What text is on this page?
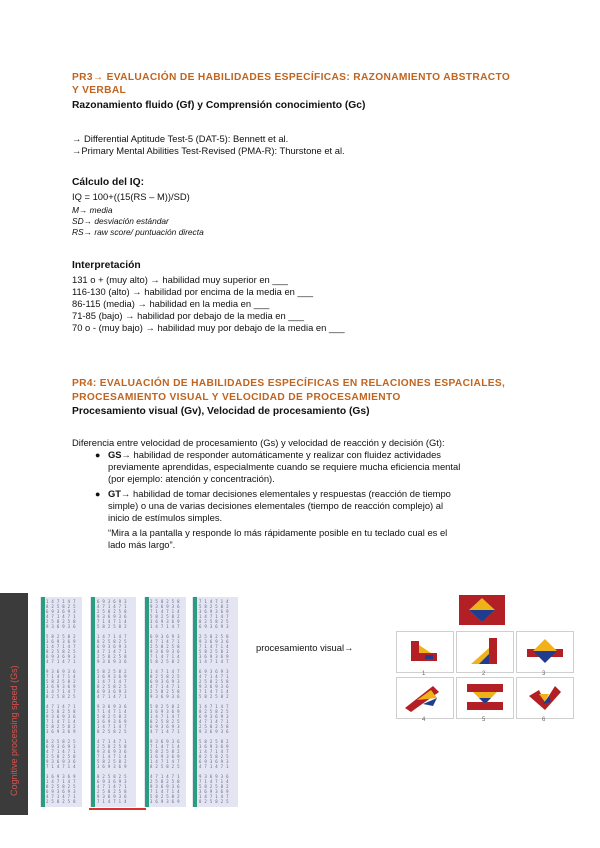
PR3→ EVALUACIÓN DE HABILIDADES ESPECÍFICAS: RAZONAMIENTO ABSTRACTO
Y VERBAL
Razonamiento fluido (Gf) y Comprensión conocimiento (Gc)
→ Differential Aptitude Test-5 (DAT-5): Bennett et al.
→Primary Mental Abilities Test-Revised (PMA-R): Thurstone et al.
Cálculo del IQ:
IQ = 100+((15(RS – M))/SD)
M→ media
SD→ desviación estándar
RS→ raw score/ puntuación directa
Interpretación
131 o + (muy alto) → habilidad muy superior en ___
116-130 (alto) → habilidad por encima de la media en ___
86-115 (media) → habilidad en la media en ___
71-85 (bajo) → habilidad por debajo de la media en ___
70 o - (muy bajo) → habilidad muy por debajo de la media en ___
PR4: EVALUACIÓN DE HABILIDADES ESPECÍFICAS EN RELACIONES ESPACIALES,
PROCESAMIENTO VISUAL Y VELOCIDAD DE PROCESAMIENTO
Procesamiento visual (Gv), Velocidad de procesamiento (Gs)
Diferencia entre velocidad de procesamiento (Gs) y velocidad de reacción y decisión (Gt):
● GS→ habilidad de responder automáticamente y realizar con fluidez actividades
previamente aprendidas, especialmente cuando se requiere mucha eficiencia mental
(por ejemplo: atención y concentración).
● GT→ habilidad de tomar decisiones elementales y respuestas (reacción de tiempo
simple) o una de varias decisiones elementales (tiempo de reacción complejo) al
inicio de estímulos simples.
“Mira a la pantalla y responde lo más rápidamente posible en tu teclado cual es el
lado más largo”.
Cognitive processing speed (Gs)
1 4 7 1 4 7
8 2 5 8 2 5
6 9 3 6 9 3
4 7 1 4 7 1
2 5 8 2 5 8
9 3 6 9 3 6

5 8 2 5 8 2
3 6 9 3 6 9
1 4 7 1 4 7
8 2 5 8 2 5
6 9 3 6 9 3
4 7 1 4 7 1

9 3 6 9 3 6
7 1 4 7 1 4
5 8 2 5 8 2
3 6 9 3 6 9
1 4 7 1 4 7
8 2 5 8 2 5

4 7 1 4 7 1
2 5 8 2 5 8
9 3 6 9 3 6
7 1 4 7 1 4
5 8 2 5 8 2
3 6 9 3 6 9

8 2 5 8 2 5
6 9 3 6 9 3
4 7 1 4 7 1
2 5 8 2 5 8
9 3 6 9 3 6
7 1 4 7 1 4

3 6 9 3 6 9
1 4 7 1 4 7
8 2 5 8 2 5
6 9 3 6 9 3
4 7 1 4 7 1
2 5 8 2 5 8

6 9 3 6 9 3
4 7 1 4 7 1
2 5 8 2 5 8
9 3 6 9 3 6
7 1 4 7 1 4
5 8 2 5 8 2

1 4 7 1 4 7
8 2 5 8 2 5
6 9 3 6 9 3
4 7 1 4 7 1
2 5 8 2 5 8
9 3 6 9 3 6

5 8 2 5 8 2
3 6 9 3 6 9
1 4 7 1 4 7
8 2 5 8 2 5
6 9 3 6 9 3
4 7 1 4 7 1

9 3 6 9 3 6
7 1 4 7 1 4
5 8 2 5 8 2
3 6 9 3 6 9
1 4 7 1 4 7
8 2 5 8 2 5

4 7 1 4 7 1
2 5 8 2 5 8
9 3 6 9 3 6
7 1 4 7 1 4
5 8 2 5 8 2
3 6 9 3 6 9

8 2 5 8 2 5
6 9 3 6 9 3
4 7 1 4 7 1
2 5 8 2 5 8
9 3 6 9 3 6
7 1 4 7 1 4

2 5 8 2 5 8
9 3 6 9 3 6
7 1 4 7 1 4
5 8 2 5 8 2
3 6 9 3 6 9
1 4 7 1 4 7

6 9 3 6 9 3
4 7 1 4 7 1
2 5 8 2 5 8
9 3 6 9 3 6
7 1 4 7 1 4
5 8 2 5 8 2

1 4 7 1 4 7
8 2 5 8 2 5
6 9 3 6 9 3
4 7 1 4 7 1
2 5 8 2 5 8
9 3 6 9 3 6

5 8 2 5 8 2
3 6 9 3 6 9
1 4 7 1 4 7
8 2 5 8 2 5
6 9 3 6 9 3
4 7 1 4 7 1

9 3 6 9 3 6
7 1 4 7 1 4
5 8 2 5 8 2
3 6 9 3 6 9
1 4 7 1 4 7
8 2 5 8 2 5

4 7 1 4 7 1
2 5 8 2 5 8
9 3 6 9 3 6
7 1 4 7 1 4
5 8 2 5 8 2
3 6 9 3 6 9

7 1 4 7 1 4
5 8 2 5 8 2
3 6 9 3 6 9
1 4 7 1 4 7
8 2 5 8 2 5
6 9 3 6 9 3

2 5 8 2 5 8
9 3 6 9 3 6
7 1 4 7 1 4
5 8 2 5 8 2
3 6 9 3 6 9
1 4 7 1 4 7

6 9 3 6 9 3
4 7 1 4 7 1
2 5 8 2 5 8
9 3 6 9 3 6
7 1 4 7 1 4
5 8 2 5 8 2

1 4 7 1 4 7
8 2 5 8 2 5
6 9 3 6 9 3
4 7 1 4 7 1
2 5 8 2 5 8
9 3 6 9 3 6

5 8 2 5 8 2
3 6 9 3 6 9
1 4 7 1 4 7
8 2 5 8 2 5
6 9 3 6 9 3
4 7 1 4 7 1

9 3 6 9 3 6
7 1 4 7 1 4
5 8 2 5 8 2
3 6 9 3 6 9
1 4 7 1 4 7
8 2 5 8 2 5

procesamiento visual→
1	2	3
4	5	6
